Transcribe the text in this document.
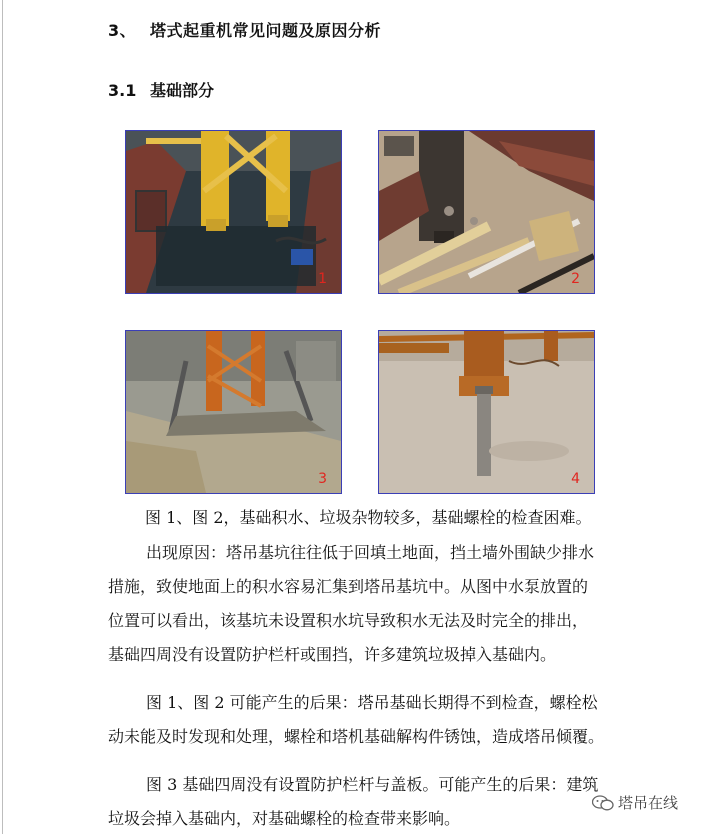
3、 塔式起重机常见问题及原因分析
3.1 基础部分
1	2
3	4
图 1、图 2，基础积水、垃圾杂物较多，基础螺栓的检查困难。
出现原因：塔吊基坑往往低于回填土地面，挡土墙外围缺少排水
措施，致使地面上的积水容易汇集到塔吊基坑中。从图中水泵放置的
位置可以看出，该基坑未设置积水坑导致积水无法及时完全的排出，
基础四周没有设置防护栏杆或围挡，许多建筑垃圾掉入基础内。
图 1、图 2 可能产生的后果：塔吊基础长期得不到检查，螺栓松
动未能及时发现和处理，螺栓和塔机基础解构件锈蚀，造成塔吊倾覆。
图 3 基础四周没有设置防护栏杆与盖板。可能产生的后果：建筑
垃圾会掉入基础内，对基础螺栓的检查带来影响。
塔吊在线
